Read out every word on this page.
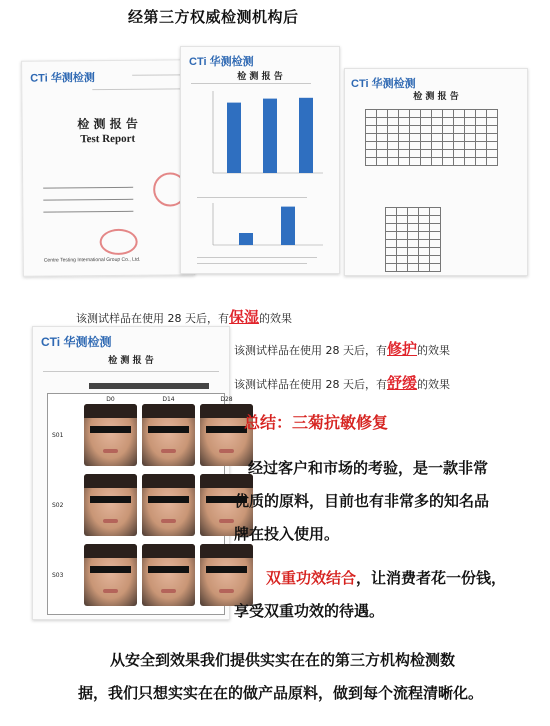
经第三方权威检测机构后
CTi 华测检测
检 测 报 告
Test Report
Centre Testing International Group Co., Ltd.
CTi 华测检测
检 测 报 告
CTi 华测检测
检 测 报 告

该测试样品在使用 28 天后，有保湿的效果
CTi 华测检测
检 测 报 告
D0	D14	D28
S01
S02
S03
该测试样品在使用 28 天后，有修护的效果
该测试样品在使用 28 天后，有舒缓的效果
总结：三菊抗敏修复
经过客户和市场的考验，是一款非常
优质的原料，目前也有非常多的知名品
牌在投入使用。
双重功效结合，让消费者花一份钱，
享受双重功效的待遇。
从安全到效果我们提供实实在在的第三方机构检测数
据，我们只想实实在在的做产品原料，做到每个流程清晰化。
